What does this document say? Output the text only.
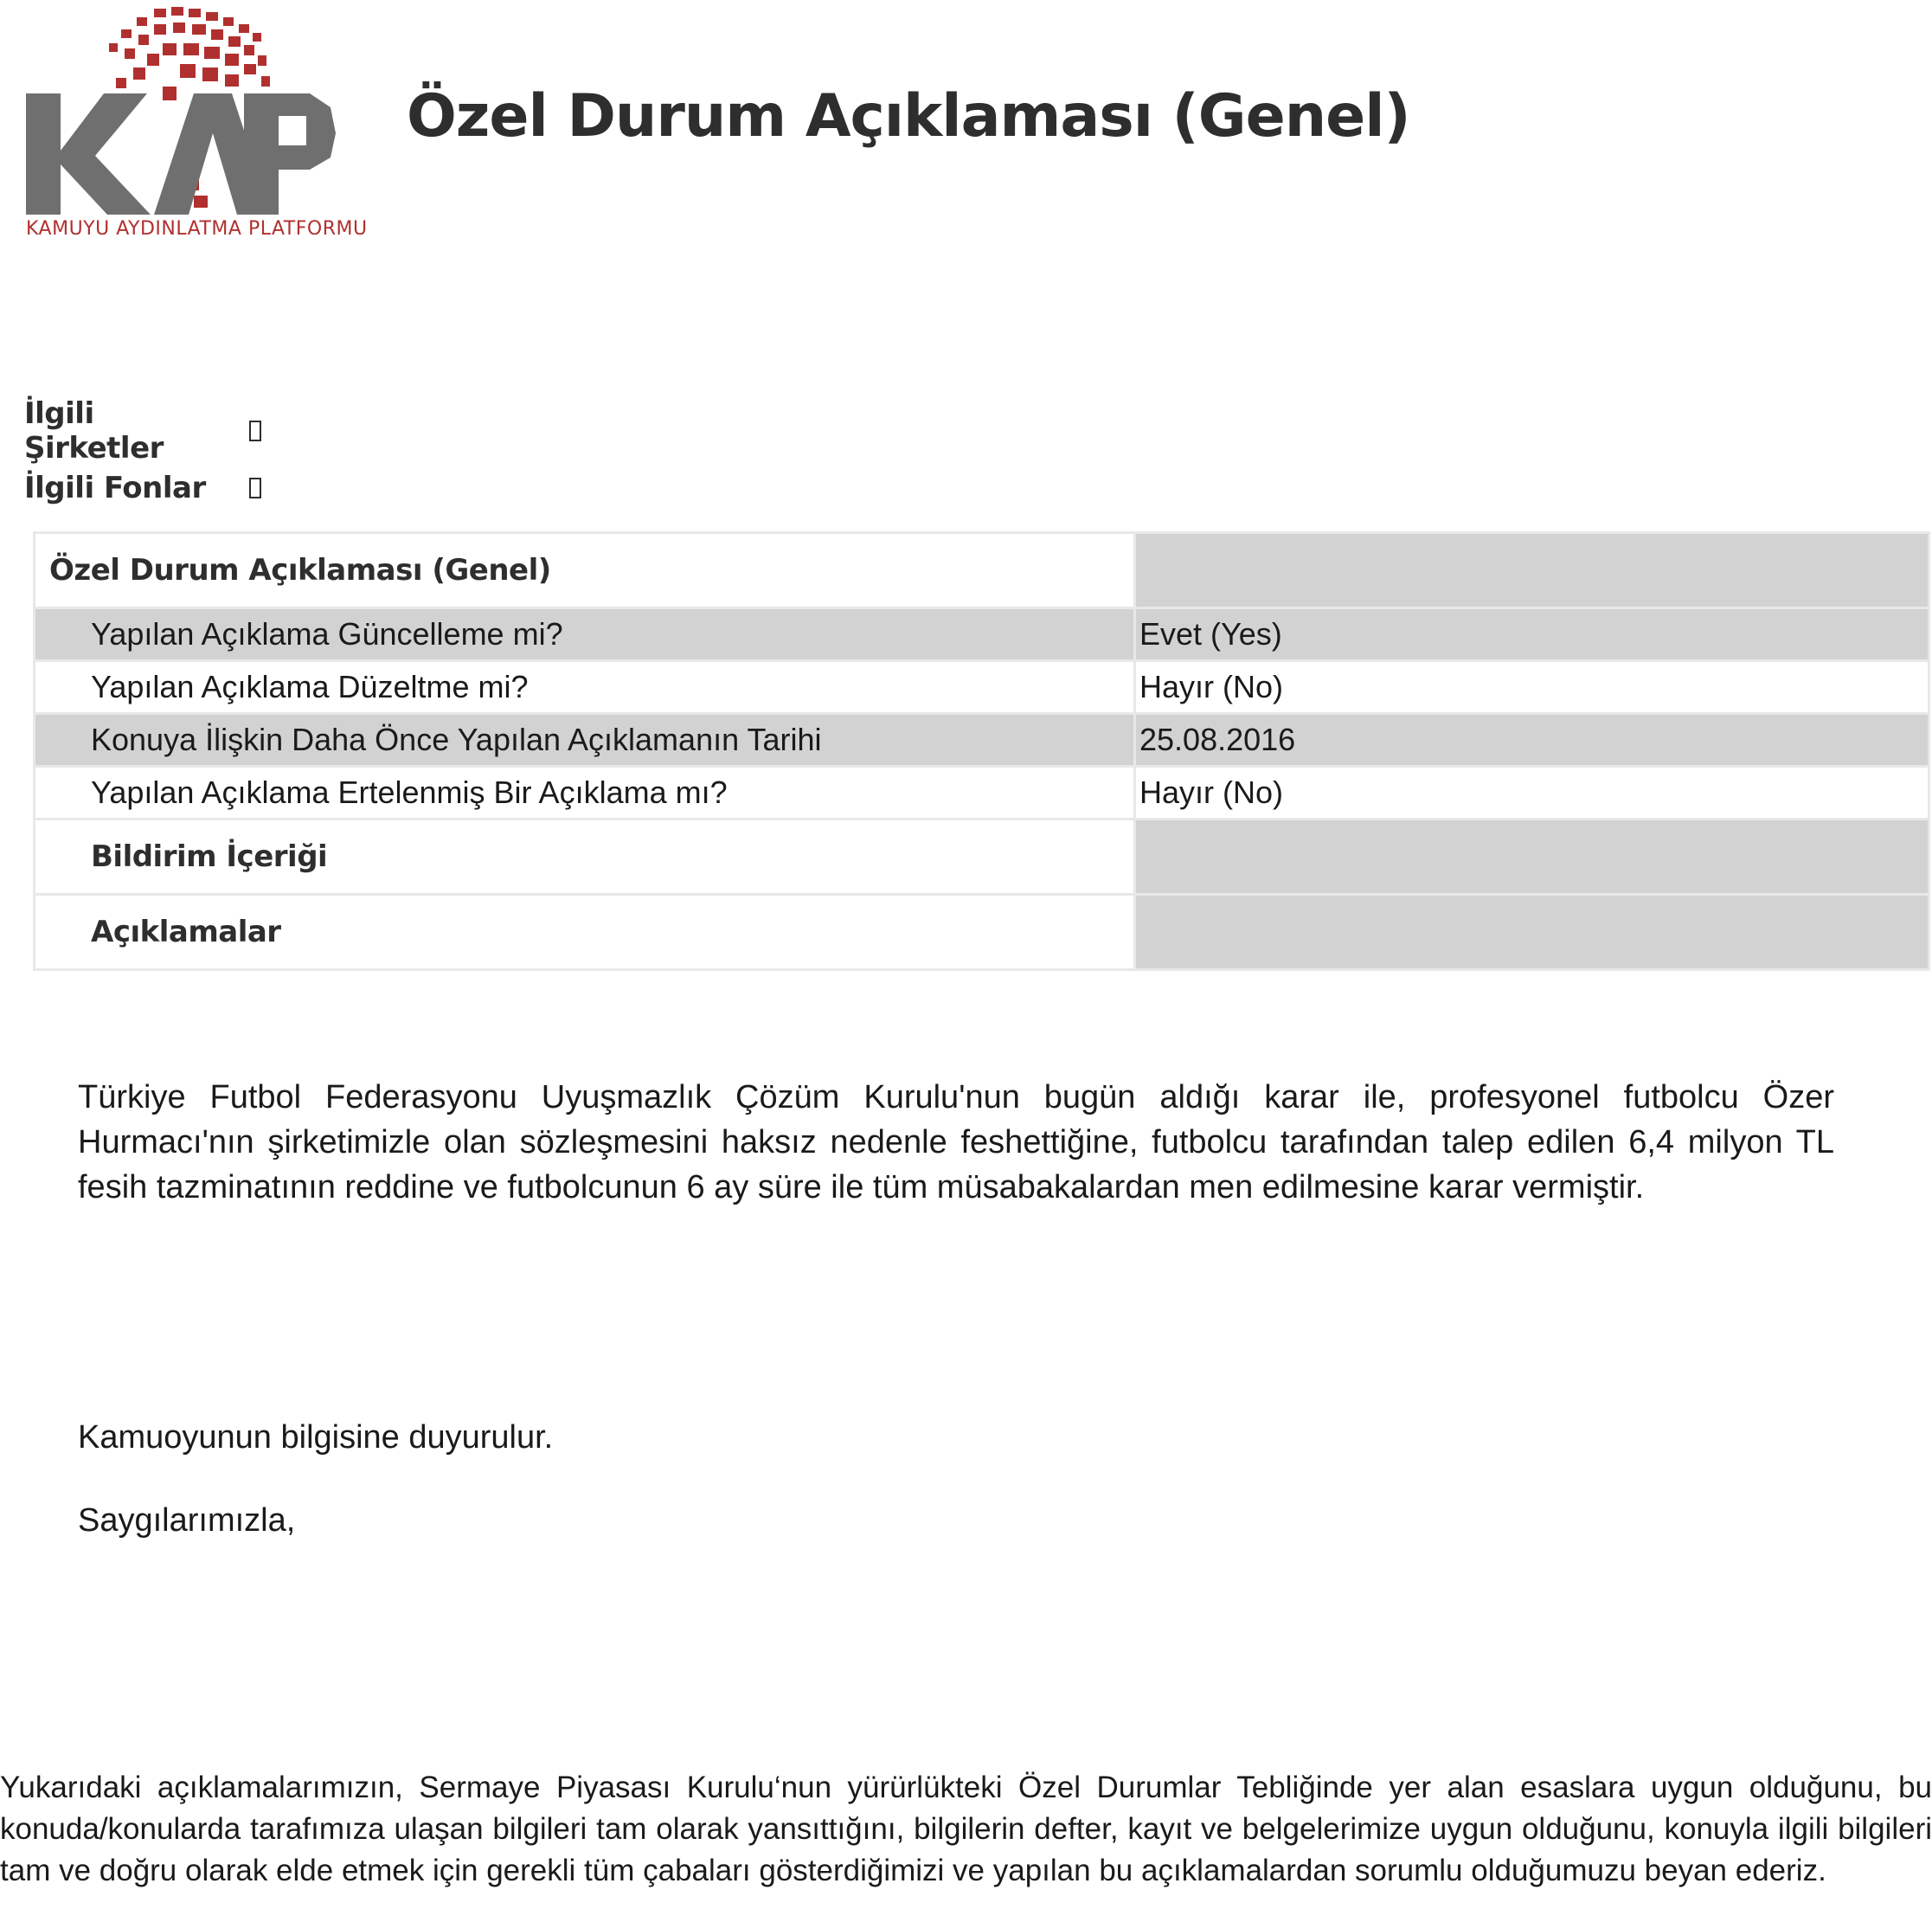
KAMUYU AYDINLATMA PLATFORMU
Özel Durum Açıklaması (Genel)
İlgili Şirketler
İlgili Fonlar
Özel Durum Açıklaması (Genel)	
Yapılan Açıklama Güncelleme mi?	Evet (Yes)
Yapılan Açıklama Düzeltme mi?	Hayır (No)
Konuya İlişkin Daha Önce Yapılan Açıklamanın Tarihi	25.08.2016
Yapılan Açıklama Ertelenmiş Bir Açıklama mı?	Hayır (No)
Bildirim İçeriği	
Açıklamalar	

Türkiye Futbol Federasyonu Uyuşmazlık Çözüm Kurulu'nun bugün aldığı karar ile, profesyonel futbolcu Özer Hurmacı'nın şirketimizle olan sözleşmesini haksız nedenle feshettiğine, futbolcu tarafından talep edilen 6,4 milyon TL fesih tazminatının reddine ve futbolcunun 6 ay süre ile tüm müsabakalardan men edilmesine karar vermiştir.

Kamuoyunun bilgisine duyurulur.

Saygılarımızla,

Yukarıdaki açıklamalarımızın, Sermaye Piyasası Kurulu‘nun yürürlükteki Özel Durumlar Tebliğinde yer alan esaslara uygun olduğunu, bu konuda/konularda tarafımıza ulaşan bilgileri tam olarak yansıttığını, bilgilerin defter, kayıt ve belgelerimize uygun olduğunu, konuyla ilgili bilgileri tam ve doğru olarak elde etmek için gerekli tüm çabaları gösterdiğimizi ve yapılan bu açıklamalardan sorumlu olduğumuzu beyan ederiz.
